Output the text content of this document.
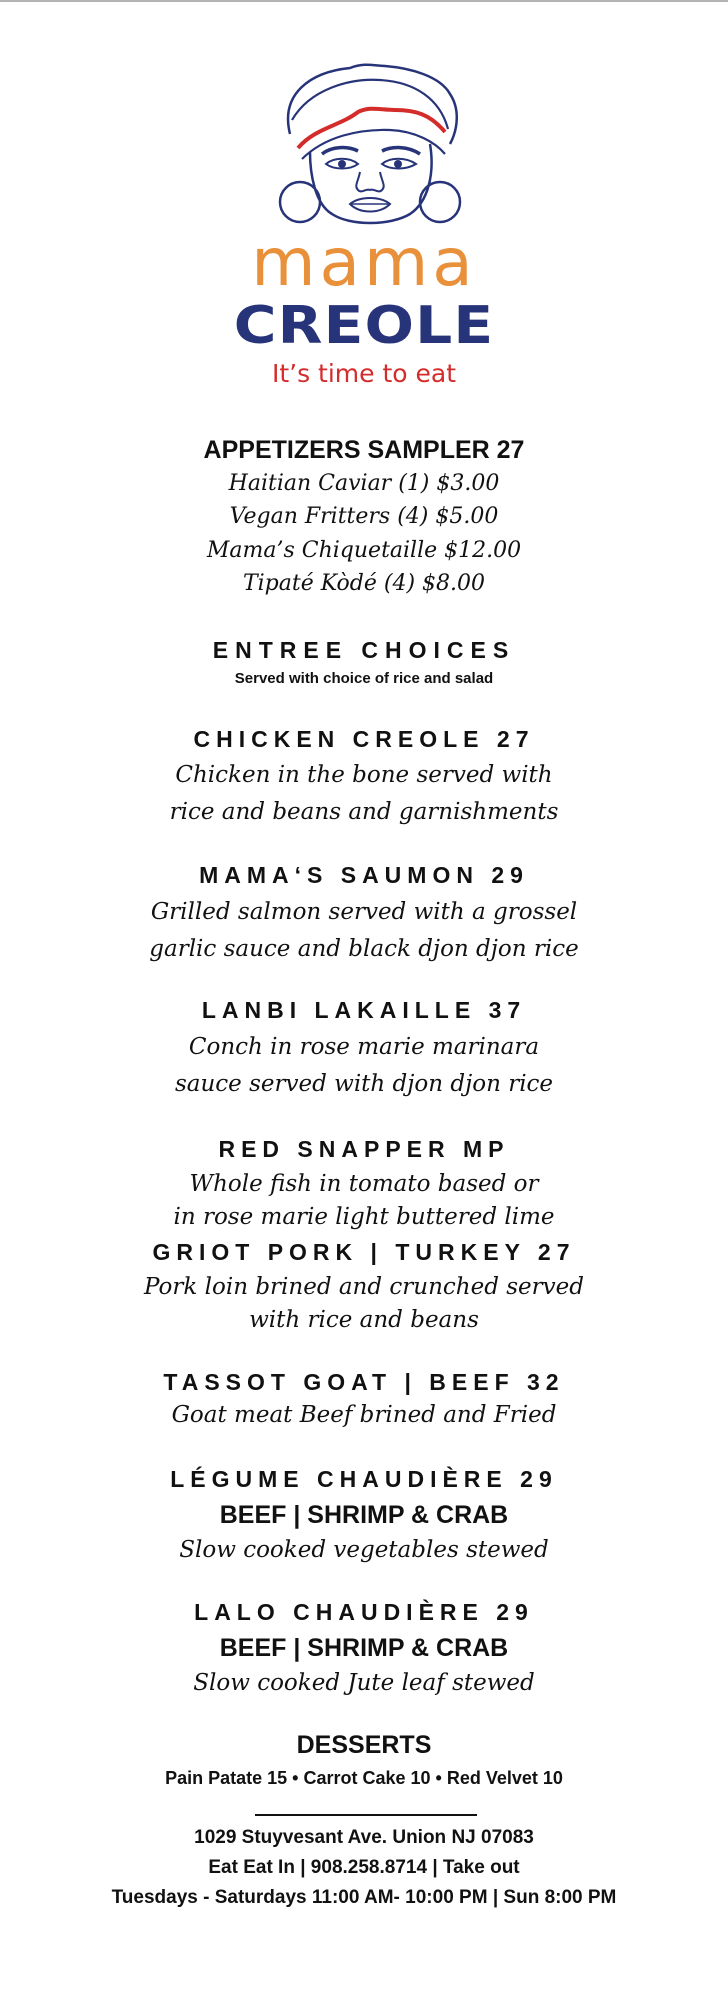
mama
CREOLE
It’s time to eat
APPETIZERS SAMPLER 27
Haitian Caviar (1) $3.00
Vegan Fritters (4) $5.00
Mama’s Chiquetaille $12.00
Tipaté Kòdé (4) $8.00
ENTREE CHOICES
Served with choice of rice and salad
CHICKEN CREOLE 27
Chicken in the bone served with
rice and beans and garnishments
MAMA‘S SAUMON 29
Grilled salmon served with a grossel
garlic sauce and black djon djon rice
LANBI LAKAILLE 37
Conch in rose marie marinara
sauce served with djon djon rice
RED SNAPPER MP
Whole fish in tomato based or
in rose marie light buttered lime
GRIOT PORK | TURKEY 27
Pork loin brined and crunched served
with rice and beans
TASSOT GOAT | BEEF 32
Goat meat Beef brined and Fried
LÉGUME CHAUDIÈRE 29
BEEF | SHRIMP & CRAB
Slow cooked vegetables stewed
LALO CHAUDIÈRE 29
BEEF | SHRIMP & CRAB
Slow cooked Jute leaf stewed
DESSERTS
Pain Patate 15 • Carrot Cake 10 • Red Velvet 10
1029 Stuyvesant Ave. Union NJ 07083
Eat Eat In | 908.258.8714 | Take out
Tuesdays - Saturdays 11:00 AM- 10:00 PM | Sun 8:00 PM
